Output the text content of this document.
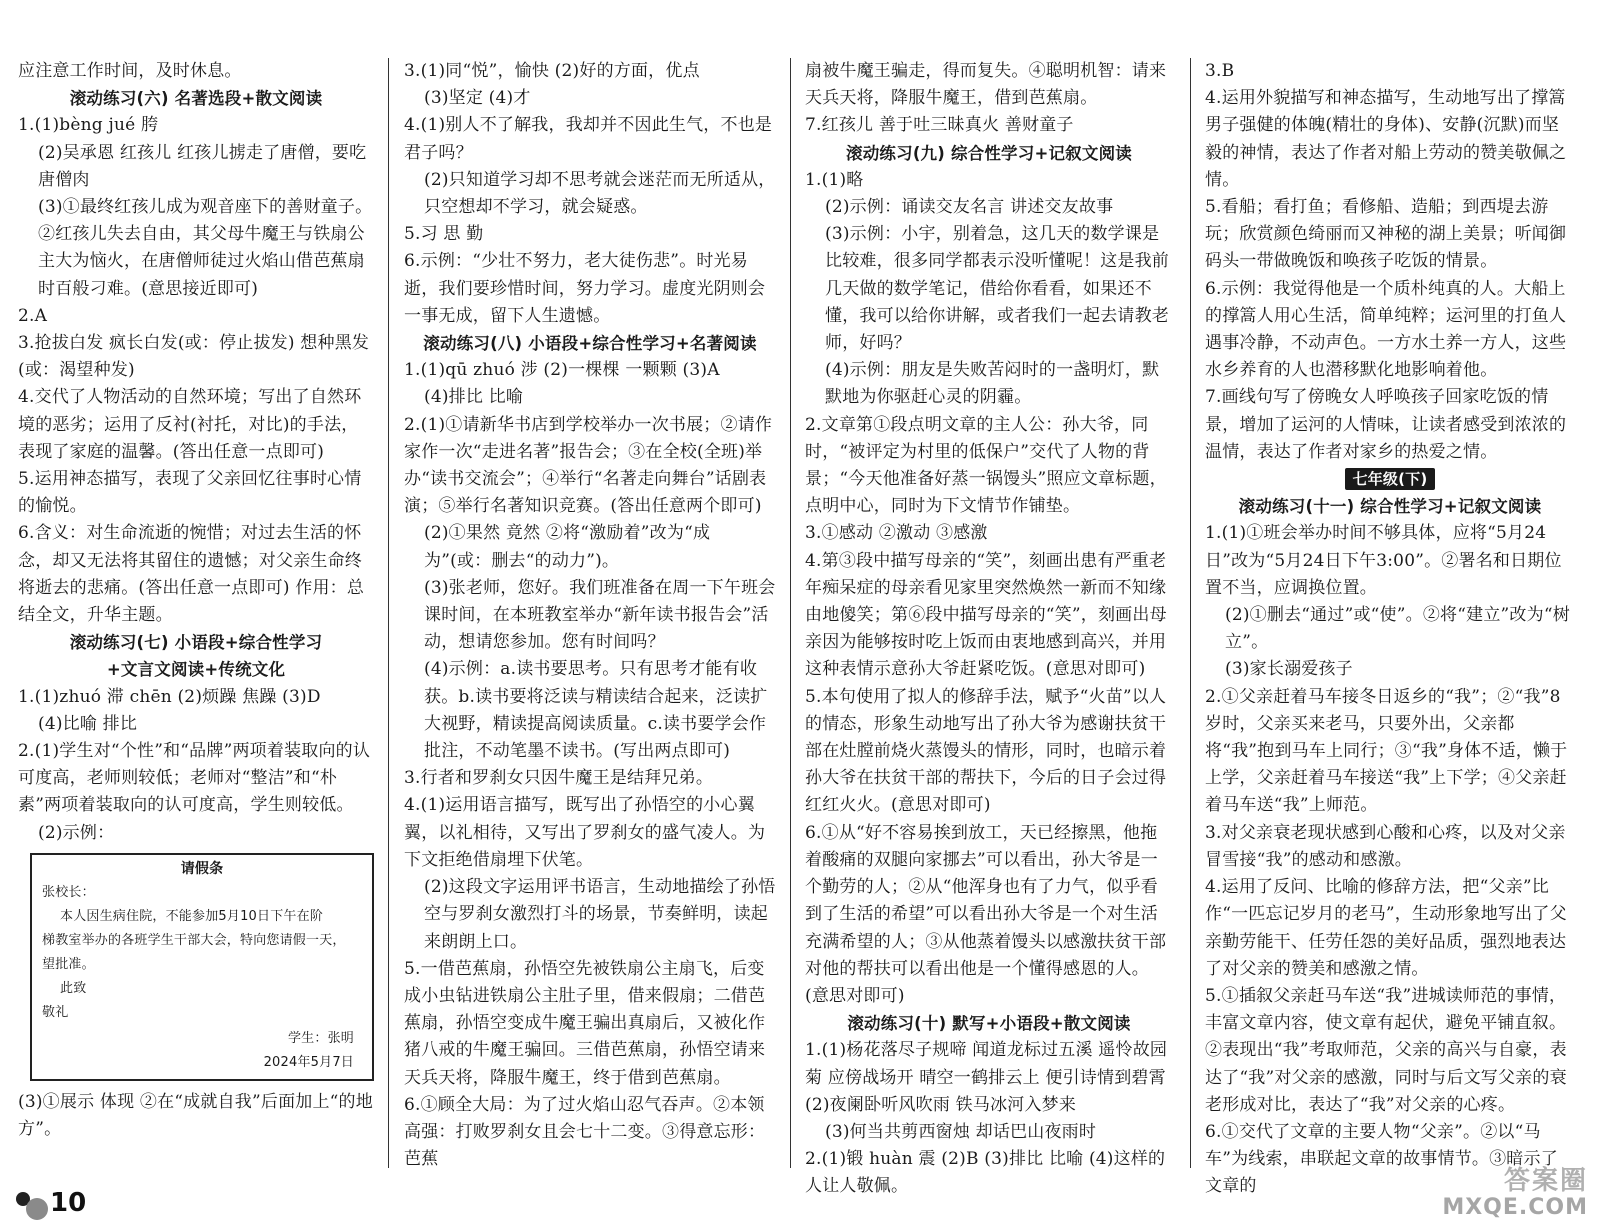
应注意工作时间，及时休息。

滚动练习(六) 名著选段+散文阅读

1.(1)bèng jué 胯

(2)吴承恩 红孩儿 红孩儿掳走了唐僧，要吃唐僧肉

(3)①最终红孩儿成为观音座下的善财童子。②红孩儿失去自由，其父母牛魔王与铁扇公主大为恼火，在唐僧师徒过火焰山借芭蕉扇时百般刁难。(意思接近即可)

2.A

3.抢拔白发 疯长白发(或：停止拔发) 想种黑发(或：渴望种发)

4.交代了人物活动的自然环境；写出了自然环境的恶劣；运用了反衬(衬托，对比)的手法，表现了家庭的温馨。(答出任意一点即可)

5.运用神态描写，表现了父亲回忆往事时心情的愉悦。

6.含义：对生命流逝的惋惜；对过去生活的怀念，却又无法将其留住的遗憾；对父亲生命终将逝去的悲痛。(答出任意一点即可) 作用：总结全文，升华主题。

滚动练习(七) 小语段+综合性学习
+文言文阅读+传统文化

1.(1)zhuó 滞 chēn (2)烦躁 焦躁 (3)D

(4)比喻 排比

2.(1)学生对“个性”和“品牌”两项着装取向的认可度高，老师则较低；老师对“整洁”和“朴素”两项着装取向的认可度高，学生则较低。

(2)示例：

请假条
张校长：
本人因生病住院，不能参加5月10日下午在阶
梯教室举办的各班学生干部大会，特向您请假一天，
望批准。
此致
敬礼
学生：张明
2024年5月7日

(3)①展示 体现 ②在“成就自我”后面加上“的地方”。

3.(1)同“悦”，愉快 (2)好的方面，优点

(3)坚定 (4)才

4.(1)别人不了解我，我却并不因此生气，不也是君子吗？

(2)只知道学习却不思考就会迷茫而无所适从，只空想却不学习，就会疑惑。

5.习 思 勤

6.示例：“少壮不努力，老大徒伤悲”。时光易逝，我们要珍惜时间，努力学习。虚度光阴则会一事无成，留下人生遗憾。

滚动练习(八) 小语段+综合性学习+名著阅读

1.(1)qū zhuó 涉 (2)一棵棵 一颗颗 (3)A

(4)排比 比喻

2.(1)①请新华书店到学校举办一次书展；②请作家作一次“走进名著”报告会；③在全校(全班)举办“读书交流会”；④举行“名著走向舞台”话剧表演；⑤举行名著知识竞赛。(答出任意两个即可)

(2)①果然 竟然 ②将“激励着”改为“成为”(或：删去“的动力”)。

(3)张老师，您好。我们班准备在周一下午班会课时间，在本班教室举办“新年读书报告会”活动，想请您参加。您有时间吗？

(4)示例：a.读书要思考。只有思考才能有收获。b.读书要将泛读与精读结合起来，泛读扩大视野，精读提高阅读质量。c.读书要学会作批注，不动笔墨不读书。(写出两点即可)

3.行者和罗刹女只因牛魔王是结拜兄弟。

4.(1)运用语言描写，既写出了孙悟空的小心翼翼，以礼相待，又写出了罗刹女的盛气凌人。为下文拒绝借扇埋下伏笔。

(2)这段文字运用评书语言，生动地描绘了孙悟空与罗刹女激烈打斗的场景，节奏鲜明，读起来朗朗上口。

5.一借芭蕉扇，孙悟空先被铁扇公主扇飞，后变成小虫钻进铁扇公主肚子里，借来假扇；二借芭蕉扇，孙悟空变成牛魔王骗出真扇后，又被化作猪八戒的牛魔王骗回。三借芭蕉扇，孙悟空请来天兵天将，降服牛魔王，终于借到芭蕉扇。

6.①顾全大局：为了过火焰山忍气吞声。②本领高强：打败罗刹女且会七十二变。③得意忘形：芭蕉

扇被牛魔王骗走，得而复失。④聪明机智：请来天兵天将，降服牛魔王，借到芭蕉扇。

7.红孩儿 善于吐三昧真火 善财童子

滚动练习(九) 综合性学习+记叙文阅读

1.(1)略

(2)示例：诵读交友名言 讲述交友故事

(3)示例：小宇，别着急，这几天的数学课是比较难，很多同学都表示没听懂呢！这是我前几天做的数学笔记，借给你看看，如果还不懂，我可以给你讲解，或者我们一起去请教老师，好吗？

(4)示例：朋友是失败苦闷时的一盏明灯，默默地为你驱赶心灵的阴霾。

2.文章第①段点明文章的主人公：孙大爷，同时，“被评定为村里的低保户”交代了人物的背景；“今天他准备好蒸一锅馒头”照应文章标题，点明中心，同时为下文情节作铺垫。

3.①感动 ②激动 ③感激

4.第③段中描写母亲的“笑”，刻画出患有严重老年痴呆症的母亲看见家里突然焕然一新而不知缘由地傻笑；第⑥段中描写母亲的“笑”，刻画出母亲因为能够按时吃上饭而由衷地感到高兴，并用这种表情示意孙大爷赶紧吃饭。(意思对即可)

5.本句使用了拟人的修辞手法，赋予“火苗”以人的情态，形象生动地写出了孙大爷为感谢扶贫干部在灶膛前烧火蒸馒头的情形，同时，也暗示着孙大爷在扶贫干部的帮扶下，今后的日子会过得红红火火。(意思对即可)

6.①从“好不容易挨到放工，天已经擦黑，他拖着酸痛的双腿向家挪去”可以看出，孙大爷是一个勤劳的人；②从“他浑身也有了力气，似乎看到了生活的希望”可以看出孙大爷是一个对生活充满希望的人；③从他蒸着馒头以感激扶贫干部对他的帮扶可以看出他是一个懂得感恩的人。(意思对即可)

滚动练习(十) 默写+小语段+散文阅读

1.(1)杨花落尽子规啼 闻道龙标过五溪 遥怜故园菊 应傍战场开 晴空一鹤排云上 便引诗情到碧霄 (2)夜阑卧听风吹雨 铁马冰河入梦来

(3)何当共剪西窗烛 却话巴山夜雨时

2.(1)锻 huàn 震 (2)B (3)排比 比喻 (4)这样的人让人敬佩。

3.B

4.运用外貌描写和神态描写，生动地写出了撑篙男子强健的体魄(精壮的身体)、安静(沉默)而坚毅的神情，表达了作者对船上劳动的赞美敬佩之情。

5.看船；看打鱼；看修船、造船；到西堤去游玩；欣赏颜色绮丽而又神秘的湖上美景；听闻御码头一带做晚饭和唤孩子吃饭的情景。

6.示例：我觉得他是一个质朴纯真的人。大船上的撑篙人用心生活，简单纯粹；运河里的打鱼人遇事冷静，不动声色。一方水土养一方人，这些水乡养育的人也潜移默化地影响着他。

7.画线句写了傍晚女人呼唤孩子回家吃饭的情景，增加了运河的人情味，让读者感受到浓浓的温情，表达了作者对家乡的热爱之情。

七年级(下)
滚动练习(十一) 综合性学习+记叙文阅读

1.(1)①班会举办时间不够具体，应将“5月24日”改为“5月24日下午3:00”。②署名和日期位置不当，应调换位置。

(2)①删去“通过”或“使”。②将“建立”改为“树立”。

(3)家长溺爱孩子

2.①父亲赶着马车接冬日返乡的“我”；②“我”8岁时，父亲买来老马，只要外出，父亲都将“我”抱到马车上同行；③“我”身体不适，懒于上学，父亲赶着马车接送“我”上下学；④父亲赶着马车送“我”上师范。

3.对父亲衰老现状感到心酸和心疼，以及对父亲冒雪接“我”的感动和感激。

4.运用了反问、比喻的修辞方法，把“父亲”比作“一匹忘记岁月的老马”，生动形象地写出了父亲勤劳能干、任劳任怨的美好品质，强烈地表达了对父亲的赞美和感激之情。

5.①插叙父亲赶马车送“我”进城读师范的事情，丰富文章内容，使文章有起伏，避免平铺直叙。②表现出“我”考取师范，父亲的高兴与自豪，表达了“我”对父亲的感激，同时与后文写父亲的衰老形成对比，表达了“我”对父亲的心疼。

6.①交代了文章的主要人物“父亲”。②以“马车”为线索，串联起文章的故事情节。③暗示了文章的

10
答案圈
MXQE.COM
